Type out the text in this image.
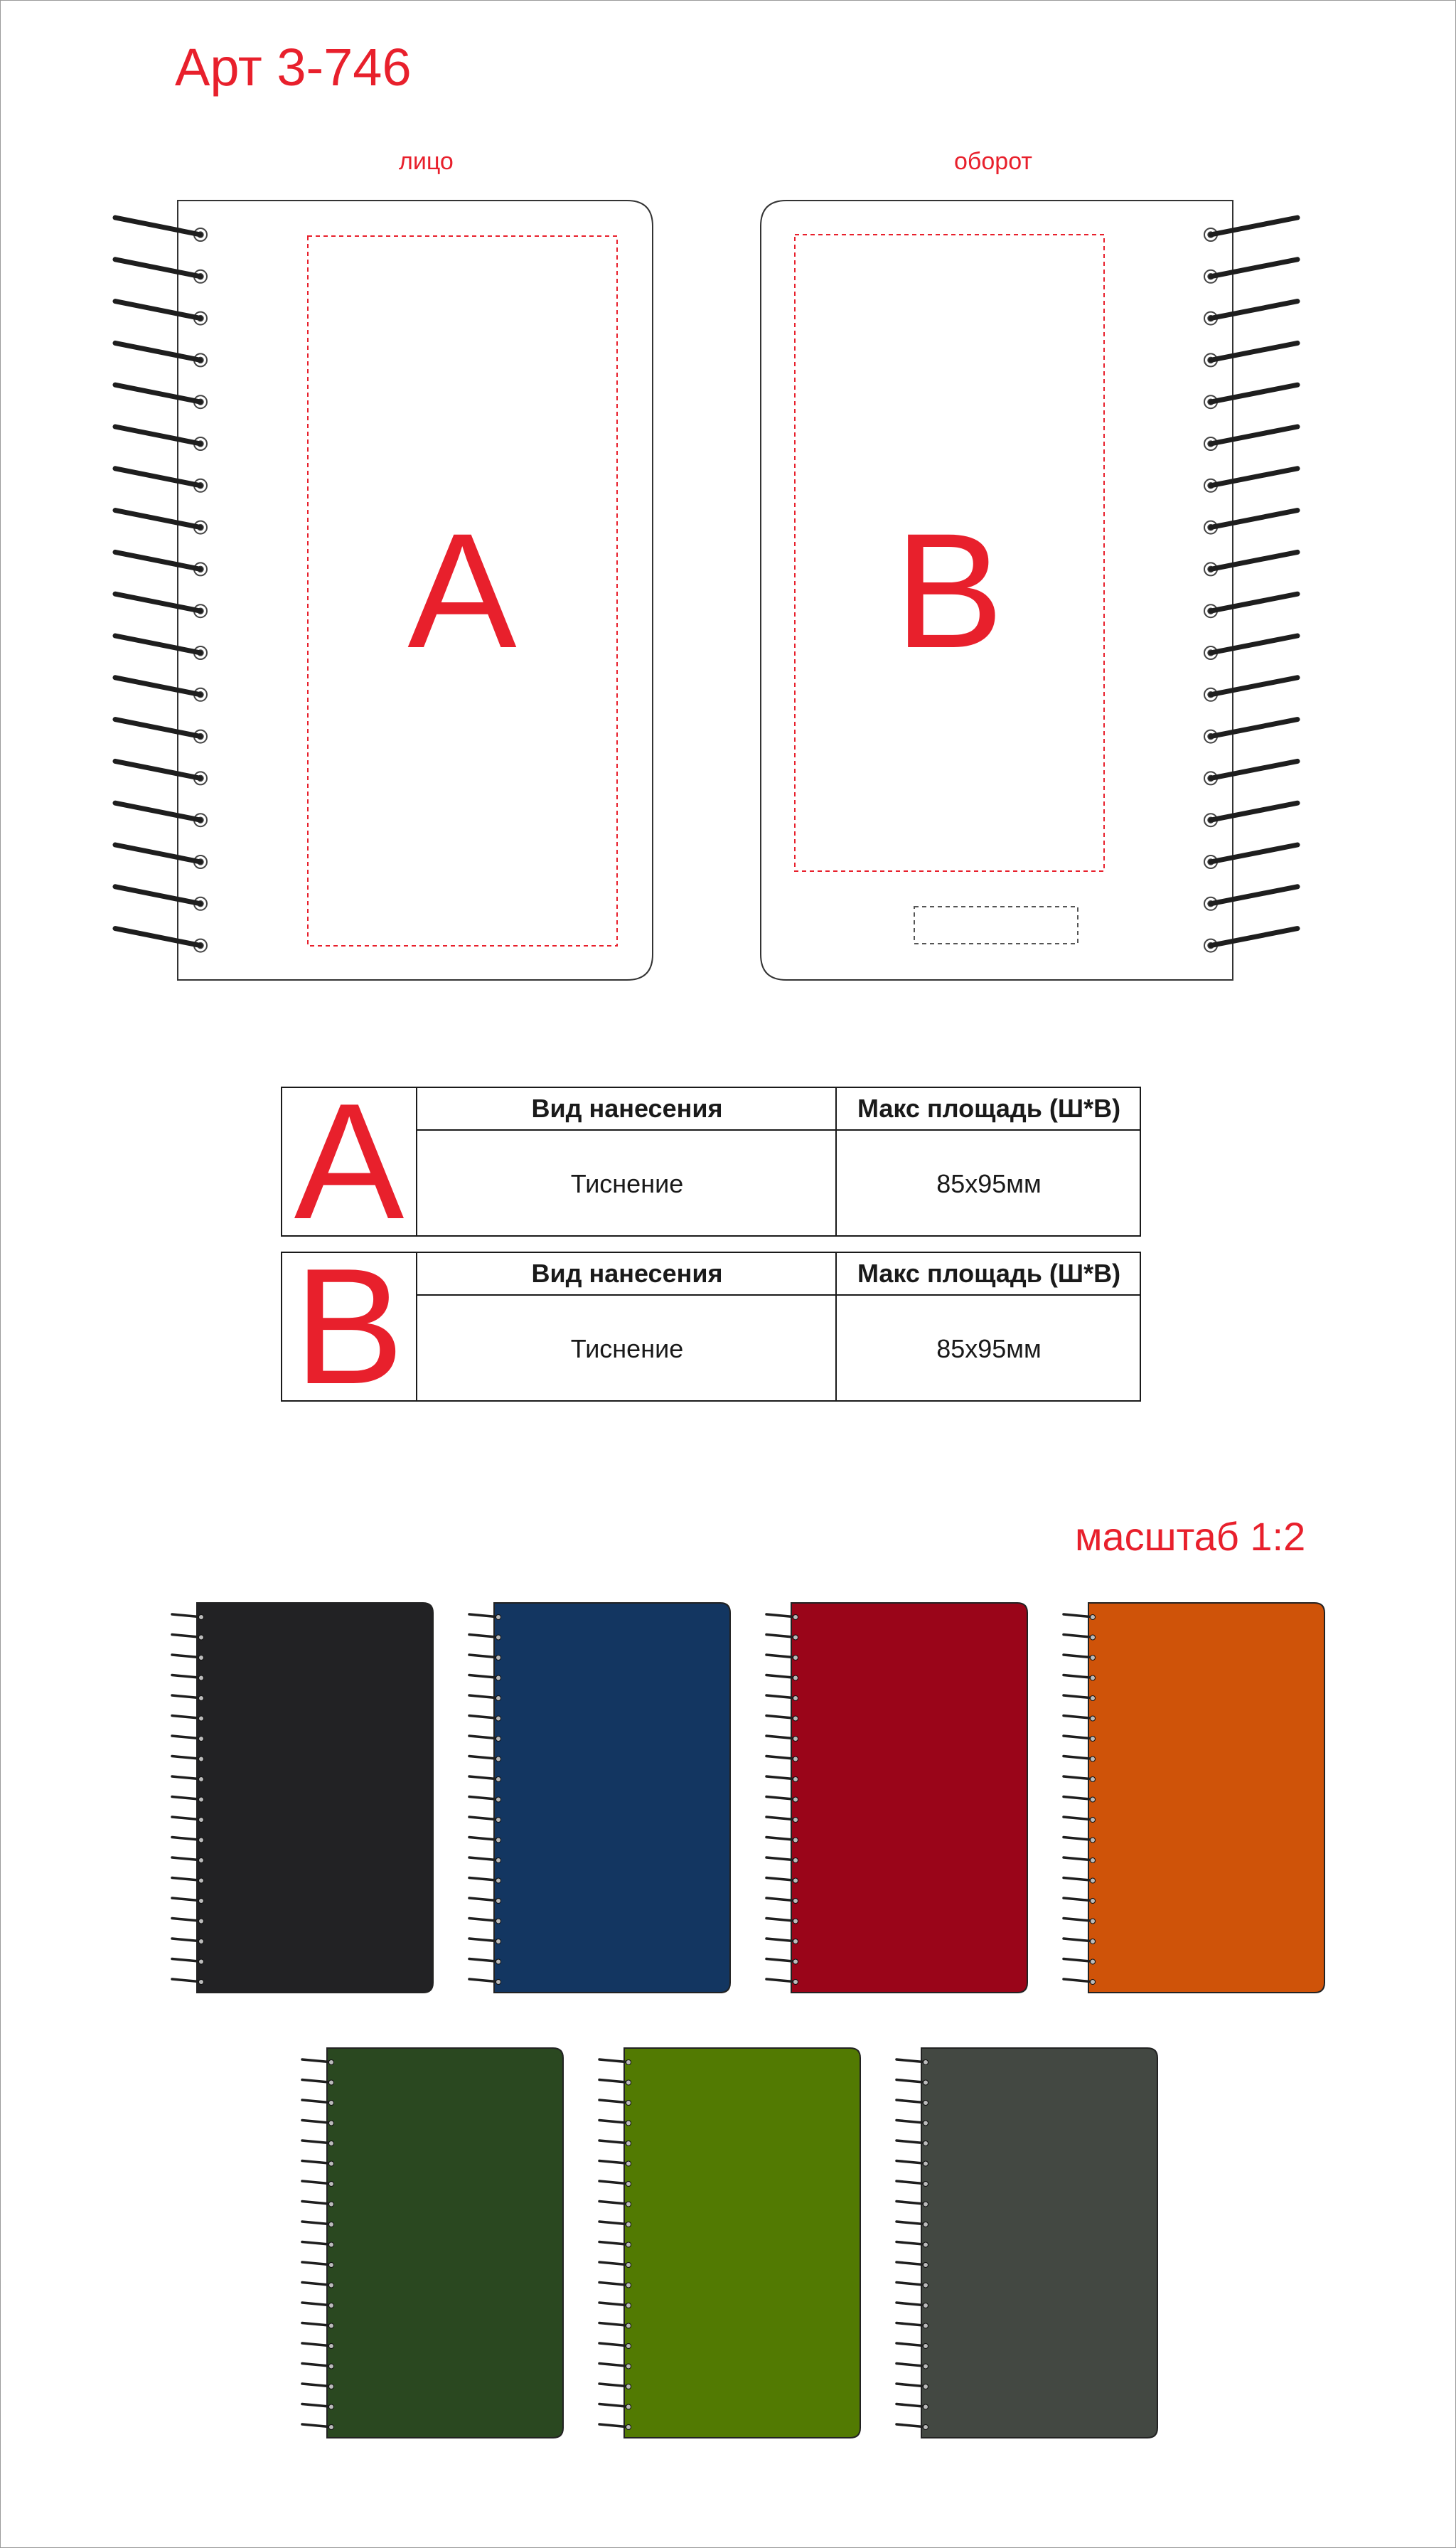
Арт 3-746
лицо	оборот
A B
A	Вид нанесения	Макс площадь (Ш*В)
Тиснение	85x95мм
B	Вид нанесения	Макс площадь (Ш*В)
Тиснение	85x95мм
масштаб 1:2
